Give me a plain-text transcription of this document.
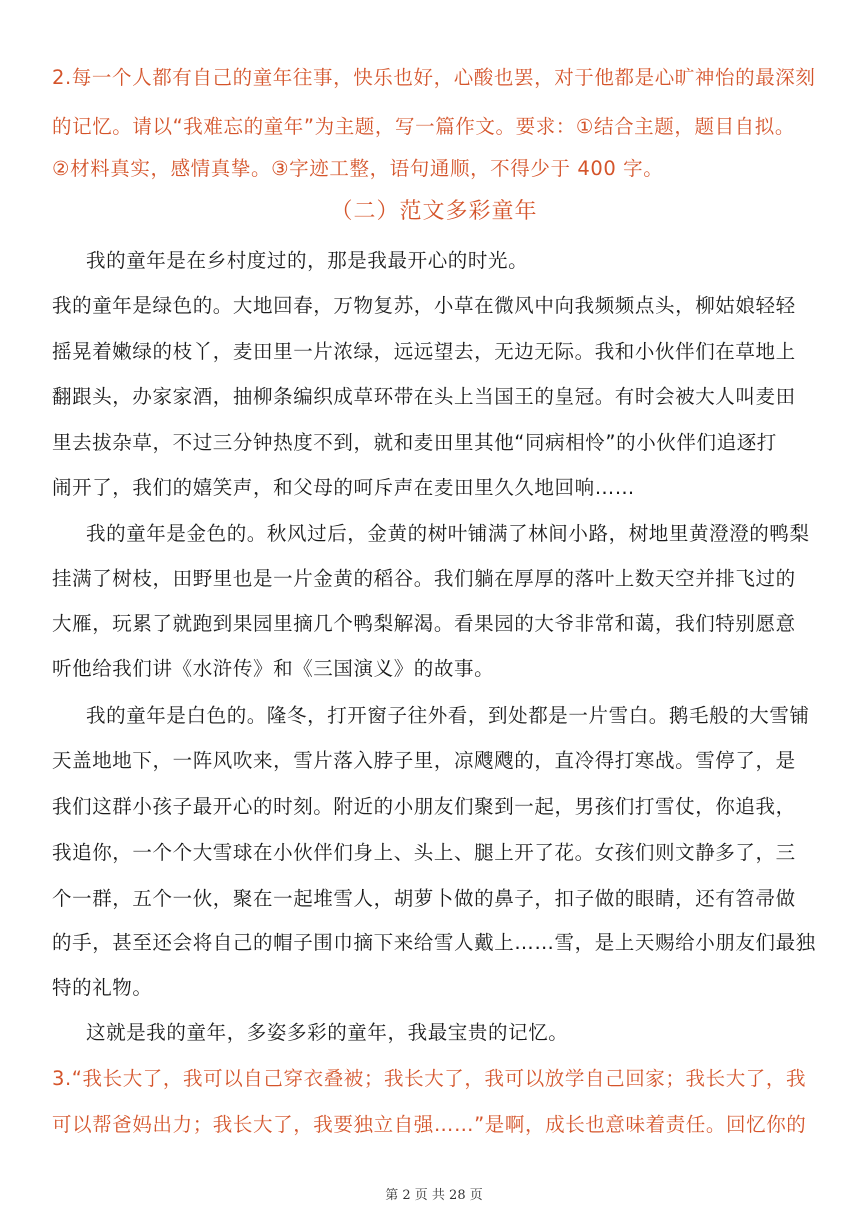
2.每一个人都有自己的童年往事，快乐也好，心酸也罢，对于他都是心旷神怡的最深刻
的记忆。请以“我难忘的童年”为主题，写一篇作文。要求：①结合主题，题目自拟。
②材料真实，感情真挚。③字迹工整，语句通顺，不得少于 400 字。
（二）范文多彩童年
我的童年是在乡村度过的，那是我最开心的时光。
我的童年是绿色的。大地回春，万物复苏，小草在微风中向我频频点头，柳姑娘轻轻
摇晃着嫩绿的枝丫，麦田里一片浓绿，远远望去，无边无际。我和小伙伴们在草地上
翻跟头，办家家酒，抽柳条编织成草环带在头上当国王的皇冠。有时会被大人叫麦田
里去拔杂草，不过三分钟热度不到，就和麦田里其他“同病相怜”的小伙伴们追逐打
闹开了，我们的嬉笑声，和父母的呵斥声在麦田里久久地回响……
我的童年是金色的。秋风过后，金黄的树叶铺满了林间小路，树地里黄澄澄的鸭梨
挂满了树枝，田野里也是一片金黄的稻谷。我们躺在厚厚的落叶上数天空并排飞过的
大雁，玩累了就跑到果园里摘几个鸭梨解渴。看果园的大爷非常和蔼，我们特别愿意
听他给我们讲《水浒传》和《三国演义》的故事。
我的童年是白色的。隆冬，打开窗子往外看，到处都是一片雪白。鹅毛般的大雪铺
天盖地地下，一阵风吹来，雪片落入脖子里，凉飕飕的，直冷得打寒战。雪停了，是
我们这群小孩子最开心的时刻。附近的小朋友们聚到一起，男孩们打雪仗，你追我，
我追你，一个个大雪球在小伙伴们身上、头上、腿上开了花。女孩们则文静多了，三
个一群，五个一伙，聚在一起堆雪人，胡萝卜做的鼻子，扣子做的眼睛，还有笤帚做
的手，甚至还会将自己的帽子围巾摘下来给雪人戴上……雪，是上天赐给小朋友们最独
特的礼物。
这就是我的童年，多姿多彩的童年，我最宝贵的记忆。
3.“我长大了，我可以自己穿衣叠被；我长大了，我可以放学自己回家；我长大了，我
可以帮爸妈出力；我长大了，我要独立自强……”是啊，成长也意味着责任。回忆你的
第 2 页 共 28 页
